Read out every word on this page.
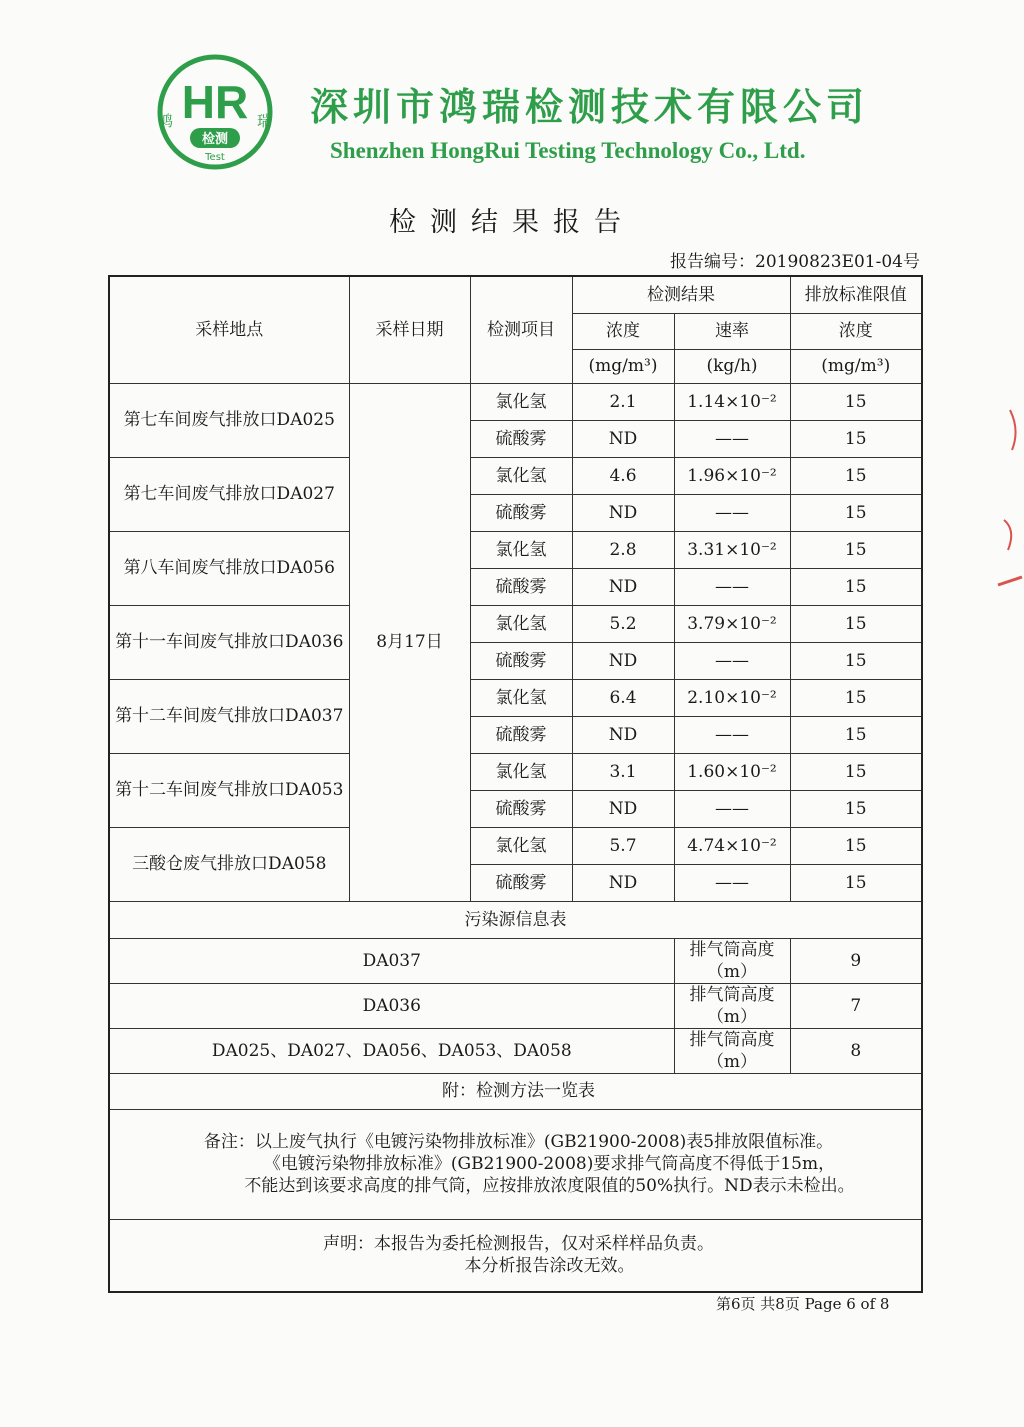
HR
鸿	瑞
检测
Test
深圳市鸿瑞检测技术有限公司
Shenzhen HongRui Testing Technology Co., Ltd.
检测结果报告
报告编号：20190823E01-04号
采样地点	采样日期	检测项目	检测结果		排放标准限值
			浓度	速率	浓度
			(mg/m³)	(kg/h)	(mg/m³)
第七车间废气排放口DA025	8月17日	氯化氢	2.1	1.14×10⁻²	15
		硫酸雾	ND	——	15
第七车间废气排放口DA027		氯化氢	4.6	1.96×10⁻²	15
		硫酸雾	ND	——	15
第八车间废气排放口DA056		氯化氢	2.8	3.31×10⁻²	15
		硫酸雾	ND	——	15
第十一车间废气排放口DA036		氯化氢	5.2	3.79×10⁻²	15
		硫酸雾	ND	——	15
第十二车间废气排放口DA037		氯化氢	6.4	2.10×10⁻²	15
		硫酸雾	ND	——	15
第十二车间废气排放口DA053		氯化氢	3.1	1.60×10⁻²	15
		硫酸雾	ND	——	15
三酸仓废气排放口DA058		氯化氢	5.7	4.74×10⁻²	15
		硫酸雾	ND	——	15
污染源信息表					
DA037				排气筒高度（m）	9
DA036				排气筒高度（m）	7
DA025、DA027、DA056、DA053、DA058				排气筒高度（m）	8
附：检测方法一览表					

备注：以上废气执行《电镀污染物排放标准》(GB21900-2008)表5排放限值标准。
《电镀污染物排放标准》(GB21900-2008)要求排气筒高度不得低于15m，
不能达到该要求高度的排气筒，应按排放浓度限值的50%执行。ND表示未检出。					

声明：本报告为委托检测报告，仅对采样样品负责。
本分析报告涂改无效。					
第6页 共8页 Page 6 of 8
